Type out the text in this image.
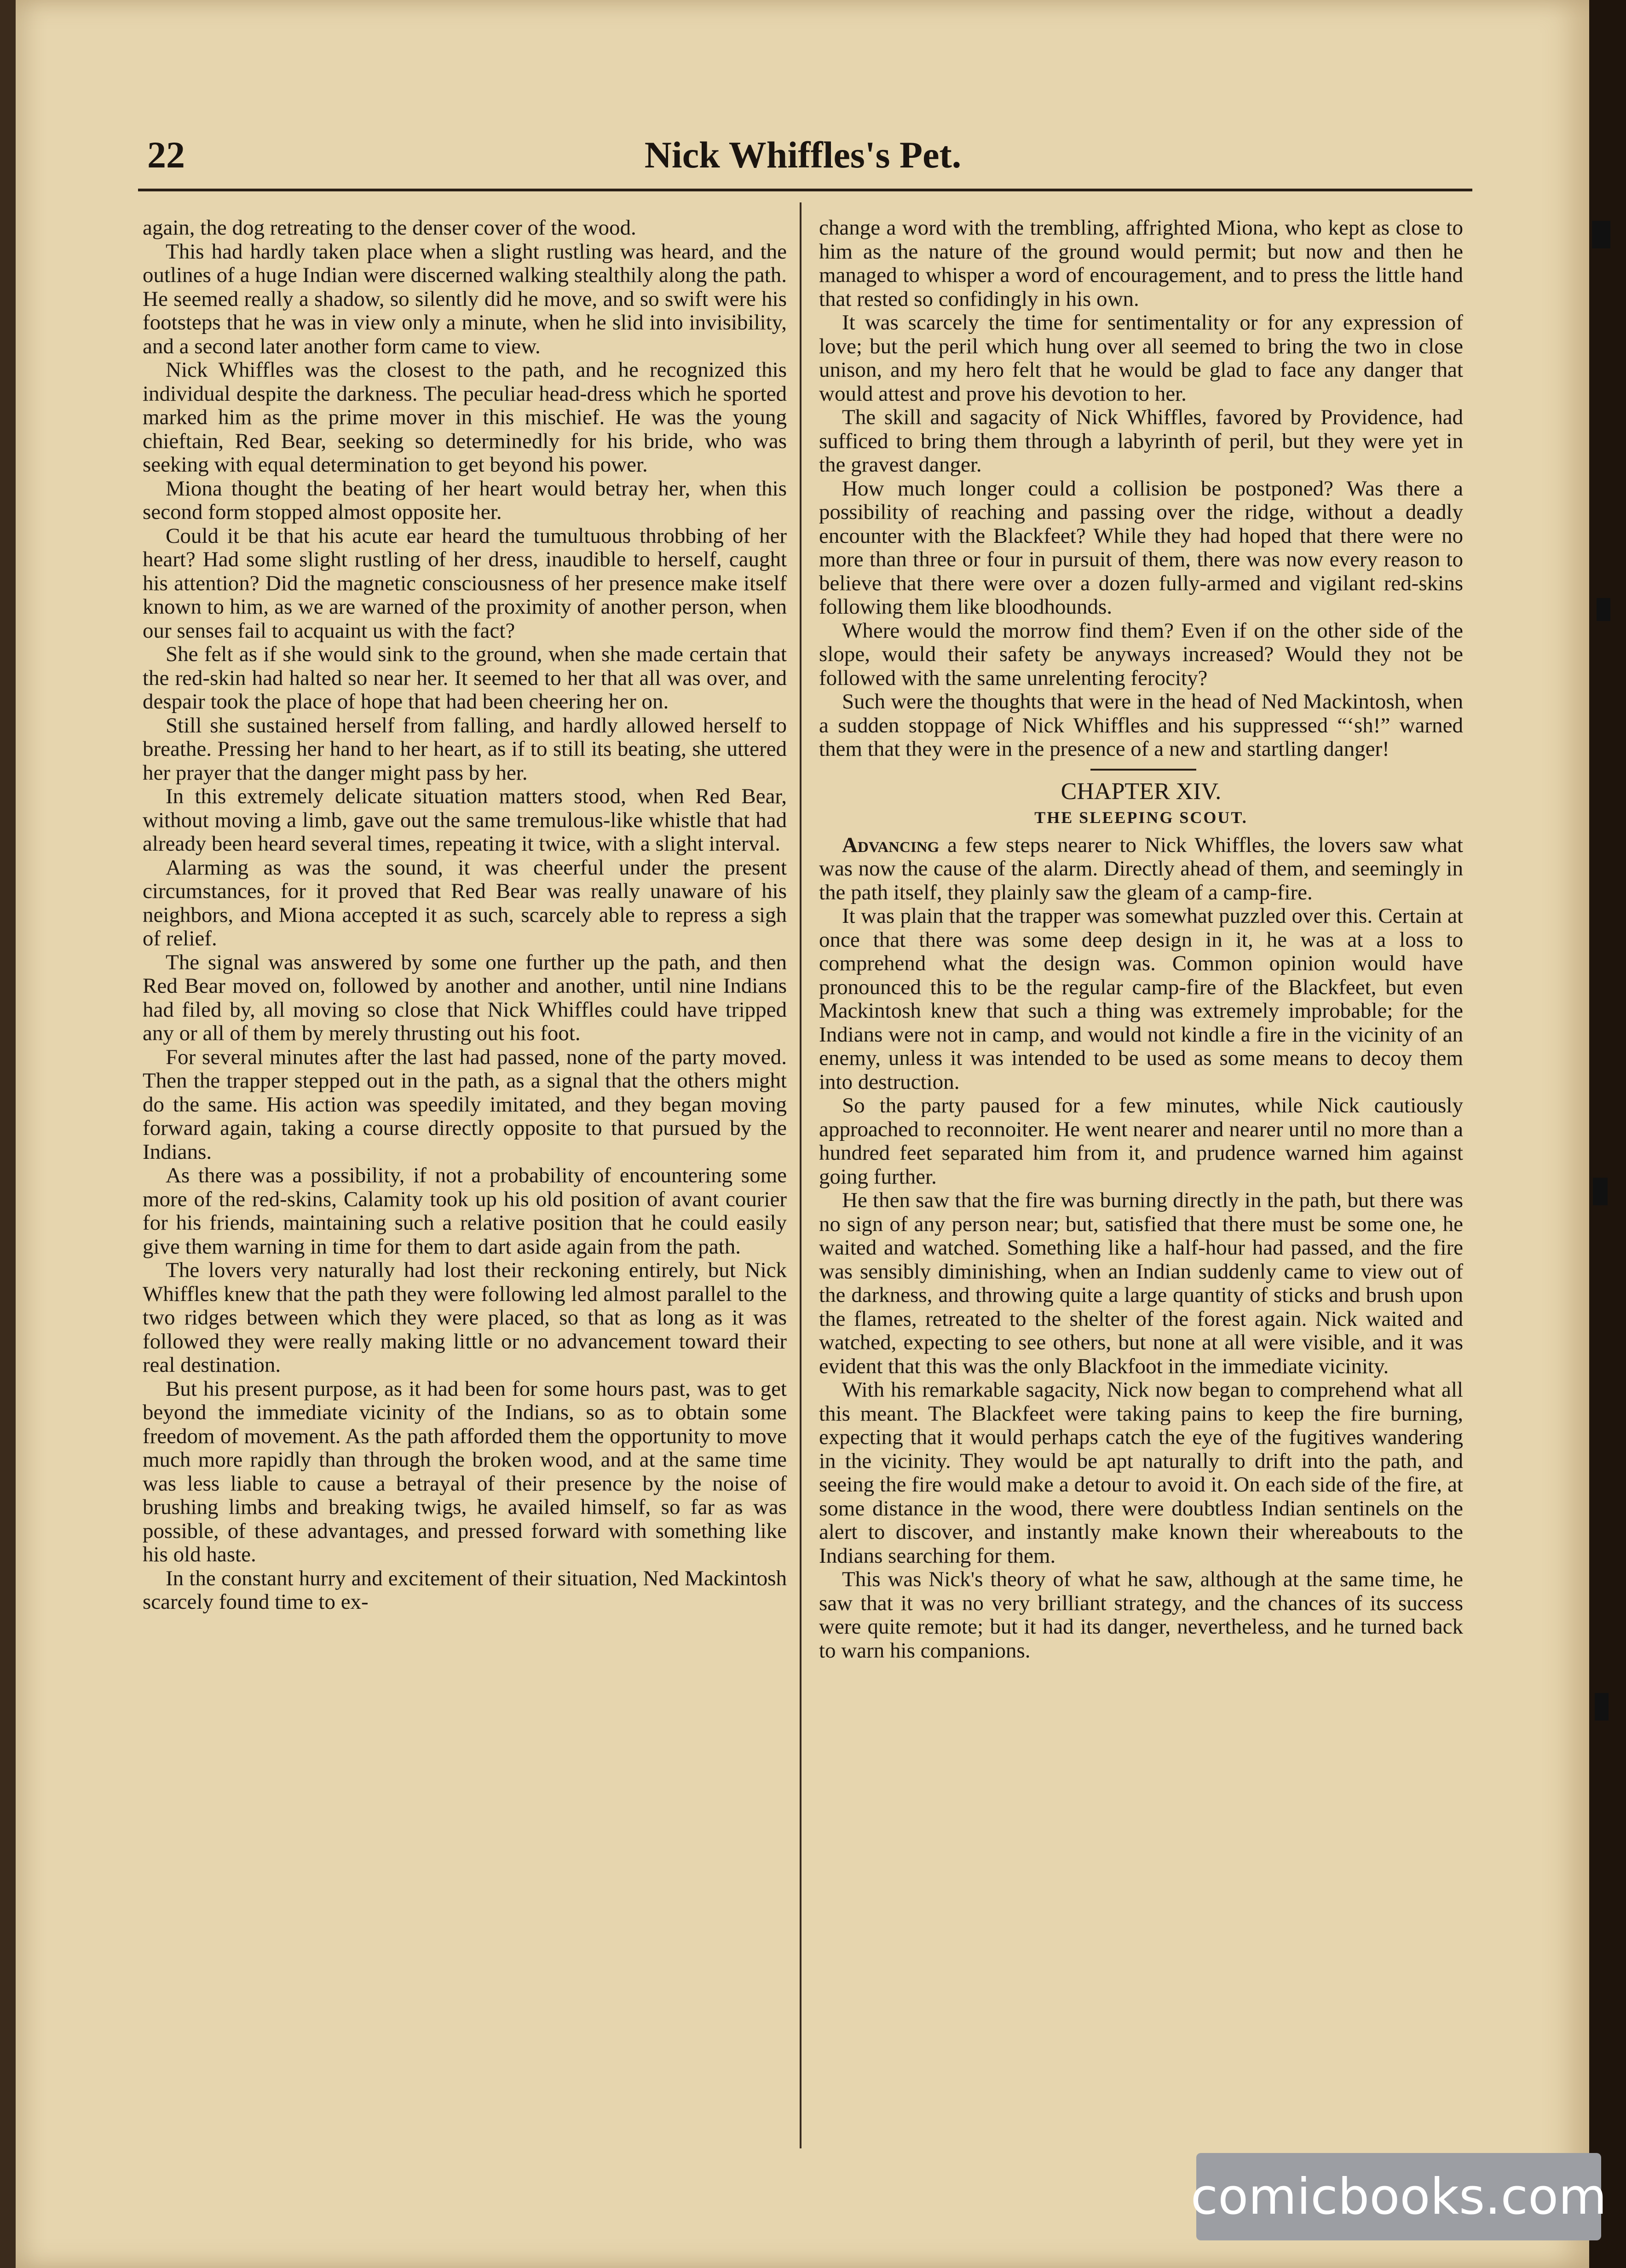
22	Nick Whiffles's Pet.

again, the dog retreating to the denser cover of the wood.

This had hardly taken place when a slight rustling was heard, and the outlines of a huge Indian were discerned walking stealthily along the path. He seemed really a shadow, so silently did he move, and so swift were his footsteps that he was in view only a minute, when he slid into invisibility, and a second later another form came to view.

Nick Whiffles was the closest to the path, and he recognized this individual despite the darkness. The peculiar head-dress which he sported marked him as the prime mover in this mischief. He was the young chieftain, Red Bear, seeking so determinedly for his bride, who was seeking with equal determination to get beyond his power.

Miona thought the beating of her heart would betray her, when this second form stopped almost opposite her.

Could it be that his acute ear heard the tumultuous throbbing of her heart? Had some slight rustling of her dress, inaudible to herself, caught his attention? Did the magnetic consciousness of her presence make itself known to him, as we are warned of the proximity of another person, when our senses fail to acquaint us with the fact?

She felt as if she would sink to the ground, when she made certain that the red-skin had halted so near her. It seemed to her that all was over, and despair took the place of hope that had been cheering her on.

Still she sustained herself from falling, and hardly allowed herself to breathe. Pressing her hand to her heart, as if to still its beating, she uttered her prayer that the danger might pass by her.

In this extremely delicate situation matters stood, when Red Bear, without moving a limb, gave out the same tremulous-like whistle that had already been heard several times, repeating it twice, with a slight interval.

Alarming as was the sound, it was cheerful under the present circumstances, for it proved that Red Bear was really unaware of his neighbors, and Miona accepted it as such, scarcely able to repress a sigh of relief.

The signal was answered by some one further up the path, and then Red Bear moved on, followed by another and another, until nine Indians had filed by, all moving so close that Nick Whiffles could have tripped any or all of them by merely thrusting out his foot.

For several minutes after the last had passed, none of the party moved. Then the trapper stepped out in the path, as a signal that the others might do the same. His action was speedily imitated, and they began moving forward again, taking a course directly opposite to that pursued by the Indians.

As there was a possibility, if not a probability of encountering some more of the red-skins, Calamity took up his old position of avant courier for his friends, maintaining such a relative position that he could easily give them warning in time for them to dart aside again from the path.

The lovers very naturally had lost their reckoning entirely, but Nick Whiffles knew that the path they were following led almost parallel to the two ridges between which they were placed, so that as long as it was followed they were really making little or no advancement toward their real destination.

But his present purpose, as it had been for some hours past, was to get beyond the immediate vicinity of the Indians, so as to obtain some freedom of movement. As the path afforded them the opportunity to move much more rapidly than through the broken wood, and at the same time was less liable to cause a betrayal of their presence by the noise of brushing limbs and breaking twigs, he availed himself, so far as was possible, of these advantages, and pressed forward with something like his old haste.

In the constant hurry and excitement of their situation, Ned Mackintosh scarcely found time to ex-

change a word with the trembling, affrighted Miona, who kept as close to him as the nature of the ground would permit; but now and then he managed to whisper a word of encouragement, and to press the little hand that rested so confidingly in his own.

It was scarcely the time for sentimentality or for any expression of love; but the peril which hung over all seemed to bring the two in close unison, and my hero felt that he would be glad to face any danger that would attest and prove his devotion to her.

The skill and sagacity of Nick Whiffles, favored by Providence, had sufficed to bring them through a labyrinth of peril, but they were yet in the gravest danger.

How much longer could a collision be postponed? Was there a possibility of reaching and passing over the ridge, without a deadly encounter with the Blackfeet? While they had hoped that there were no more than three or four in pursuit of them, there was now every reason to believe that there were over a dozen fully-armed and vigilant red-skins following them like bloodhounds.

Where would the morrow find them? Even if on the other side of the slope, would their safety be anyways increased? Would they not be followed with the same unrelenting ferocity?

Such were the thoughts that were in the head of Ned Mackintosh, when a sudden stoppage of Nick Whiffles and his suppressed “‘sh!” warned them that they were in the presence of a new and startling danger!

CHAPTER XIV.
THE SLEEPING SCOUT.

Advancing a few steps nearer to Nick Whiffles, the lovers saw what was now the cause of the alarm. Directly ahead of them, and seemingly in the path itself, they plainly saw the gleam of a camp-fire.

It was plain that the trapper was somewhat puzzled over this. Certain at once that there was some deep design in it, he was at a loss to comprehend what the design was. Common opinion would have pronounced this to be the regular camp-fire of the Blackfeet, but even Mackintosh knew that such a thing was extremely improbable; for the Indians were not in camp, and would not kindle a fire in the vicinity of an enemy, unless it was intended to be used as some means to decoy them into destruction.

So the party paused for a few minutes, while Nick cautiously approached to reconnoiter. He went nearer and nearer until no more than a hundred feet separated him from it, and prudence warned him against going further.

He then saw that the fire was burning directly in the path, but there was no sign of any person near; but, satisfied that there must be some one, he waited and watched. Something like a half-hour had passed, and the fire was sensibly diminishing, when an Indian suddenly came to view out of the darkness, and throwing quite a large quantity of sticks and brush upon the flames, retreated to the shelter of the forest again. Nick waited and watched, expecting to see others, but none at all were visible, and it was evident that this was the only Blackfoot in the immediate vicinity.

With his remarkable sagacity, Nick now began to comprehend what all this meant. The Blackfeet were taking pains to keep the fire burning, expecting that it would perhaps catch the eye of the fugitives wandering in the vicinity. They would be apt naturally to drift into the path, and seeing the fire would make a detour to avoid it. On each side of the fire, at some distance in the wood, there were doubtless Indian sentinels on the alert to discover, and instantly make known their whereabouts to the Indians searching for them.

This was Nick's theory of what he saw, although at the same time, he saw that it was no very brilliant strategy, and the chances of its success were quite remote; but it had its danger, nevertheless, and he turned back to warn his companions.

comicbooks.com
